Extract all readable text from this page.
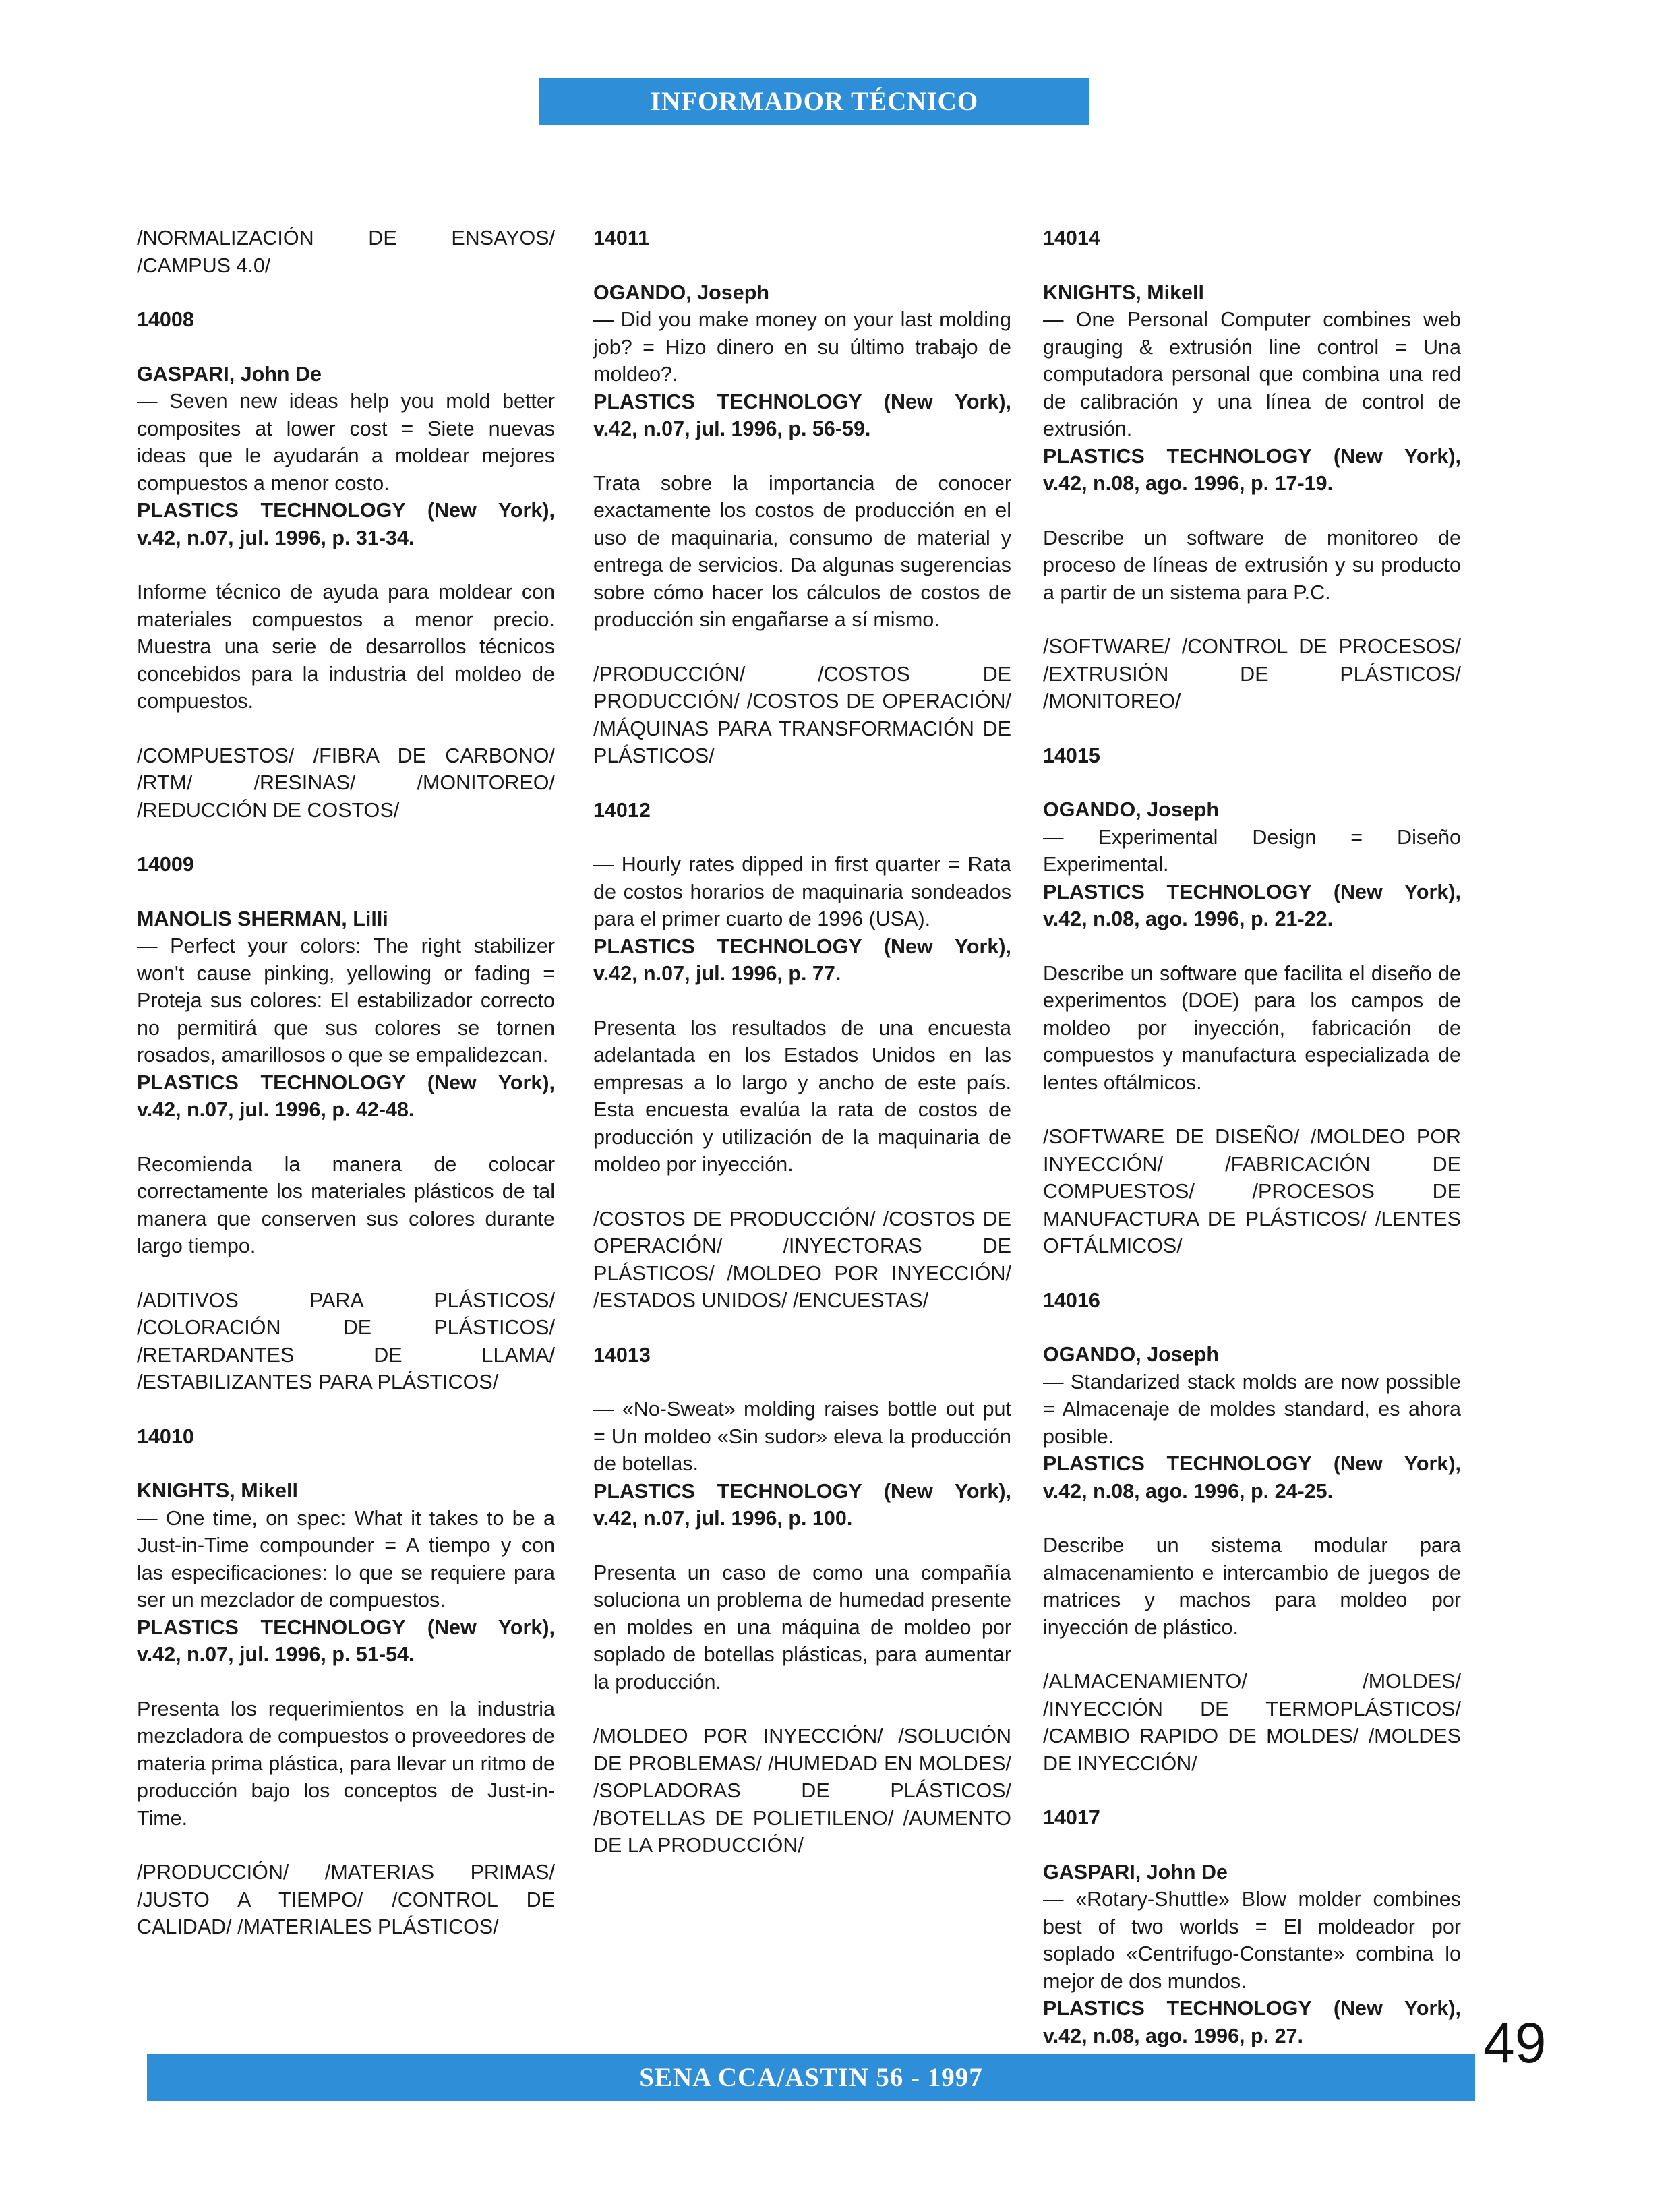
INFORMADOR TÉCNICO

/NORMALIZACIÓN DE ENSAYOS/ /CAMPUS 4.0/

14008

GASPARI, John De

— Seven new ideas help you mold better composites at lower cost = Siete nuevas ideas que le ayudarán a moldear mejores compuestos a menor costo.

PLASTICS TECHNOLOGY (New York), v.42, n.07, jul. 1996, p. 31-34.

Informe técnico de ayuda para moldear con materiales compuestos a menor precio. Muestra una serie de desarrollos técnicos concebidos para la industria del moldeo de compuestos.

/COMPUESTOS/ /FIBRA DE CARBONO/ /RTM/ /RESINAS/ /MONITOREO/ /REDUCCIÓN DE COSTOS/

14009

MANOLIS SHERMAN, Lilli

— Perfect your colors: The right stabilizer won't cause pinking, yellowing or fading = Proteja sus colores: El estabilizador correcto no permitirá que sus colores se tornen rosados, amarillosos o que se empalidezcan.

PLASTICS TECHNOLOGY (New York), v.42, n.07, jul. 1996, p. 42-48.

Recomienda la manera de colocar correctamente los materiales plásticos de tal manera que conserven sus colores durante largo tiempo.

/ADITIVOS PARA PLÁSTICOS/ /COLORACIÓN DE PLÁSTICOS/ /RETARDANTES DE LLAMA/ /ESTABILIZANTES PARA PLÁSTICOS/

14010

KNIGHTS, Mikell

— One time, on spec: What it takes to be a Just-in-Time compounder = A tiempo y con las especificaciones: lo que se requiere para ser un mezclador de compuestos.

PLASTICS TECHNOLOGY (New York), v.42, n.07, jul. 1996, p. 51-54.

Presenta los requerimientos en la industria mezcladora de compuestos o proveedores de materia prima plástica, para llevar un ritmo de producción bajo los conceptos de Just-in-Time.

/PRODUCCIÓN/ /MATERIAS PRIMAS/ /JUSTO A TIEMPO/ /CONTROL DE CALIDAD/ /MATERIALES PLÁSTICOS/

14011

OGANDO, Joseph

— Did you make money on your last molding job? = Hizo dinero en su último trabajo de moldeo?.

PLASTICS TECHNOLOGY (New York), v.42, n.07, jul. 1996, p. 56-59.

Trata sobre la importancia de conocer exactamente los costos de producción en el uso de maquinaria, consumo de material y entrega de servicios. Da algunas sugerencias sobre cómo hacer los cálculos de costos de producción sin engañarse a sí mismo.

/PRODUCCIÓN/ /COSTOS DE PRODUCCIÓN/ /COSTOS DE OPERACIÓN/ /MÁQUINAS PARA TRANSFORMACIÓN DE PLÁSTICOS/

14012

— Hourly rates dipped in first quarter = Rata de costos horarios de maquinaria sondeados para el primer cuarto de 1996 (USA).

PLASTICS TECHNOLOGY (New York), v.42, n.07, jul. 1996, p. 77.

Presenta los resultados de una encuesta adelantada en los Estados Unidos en las empresas a lo largo y ancho de este país. Esta encuesta evalúa la rata de costos de producción y utilización de la maquinaria de moldeo por inyección.

/COSTOS DE PRODUCCIÓN/ /COSTOS DE OPERACIÓN/ /INYECTORAS DE PLÁSTICOS/ /MOLDEO POR INYECCIÓN/ /ESTADOS UNIDOS/ /ENCUESTAS/

14013

— «No-Sweat» molding raises bottle out put = Un moldeo «Sin sudor» eleva la producción de botellas.

PLASTICS TECHNOLOGY (New York), v.42, n.07, jul. 1996, p. 100.

Presenta un caso de como una compañía soluciona un problema de humedad presente en moldes en una máquina de moldeo por soplado de botellas plásticas, para aumentar la producción.

/MOLDEO POR INYECCIÓN/ /SOLUCIÓN DE PROBLEMAS/ /HUMEDAD EN MOLDES/ /SOPLADORAS DE PLÁSTICOS/ /BOTELLAS DE POLIETILENO/ /AUMENTO DE LA PRODUCCIÓN/

14014

KNIGHTS, Mikell

— One Personal Computer combines web grauging & extrusión line control = Una computadora personal que combina una red de calibración y una línea de control de extrusión.

PLASTICS TECHNOLOGY (New York), v.42, n.08, ago. 1996, p. 17-19.

Describe un software de monitoreo de proceso de líneas de extrusión y su producto a partir de un sistema para P.C.

/SOFTWARE/ /CONTROL DE PROCESOS/ /EXTRUSIÓN DE PLÁSTICOS/ /MONITOREO/

14015

OGANDO, Joseph

— Experimental Design = Diseño Experimental.

PLASTICS TECHNOLOGY (New York), v.42, n.08, ago. 1996, p. 21-22.

Describe un software que facilita el diseño de experimentos (DOE) para los campos de moldeo por inyección, fabricación de compuestos y manufactura especializada de lentes oftálmicos.

/SOFTWARE DE DISEÑO/ /MOLDEO POR INYECCIÓN/ /FABRICACIÓN DE COMPUESTOS/ /PROCESOS DE MANUFACTURA DE PLÁSTICOS/ /LENTES OFTÁLMICOS/

14016

OGANDO, Joseph

— Standarized stack molds are now possible = Almacenaje de moldes standard, es ahora posible.

PLASTICS TECHNOLOGY (New York), v.42, n.08, ago. 1996, p. 24-25.

Describe un sistema modular para almacenamiento e intercambio de juegos de matrices y machos para moldeo por inyección de plástico.

/ALMACENAMIENTO/ /MOLDES/ /INYECCIÓN DE TERMOPLÁSTICOS/ /CAMBIO RAPIDO DE MOLDES/ /MOLDES DE INYECCIÓN/

14017

GASPARI, John De

— «Rotary-Shuttle» Blow molder combines best of two worlds = El moldeador por soplado «Centrifugo-Constante» combina lo mejor de dos mundos.

PLASTICS TECHNOLOGY (New York), v.42, n.08, ago. 1996, p. 27.

SENA CCA/ASTIN 56 - 1997
49
